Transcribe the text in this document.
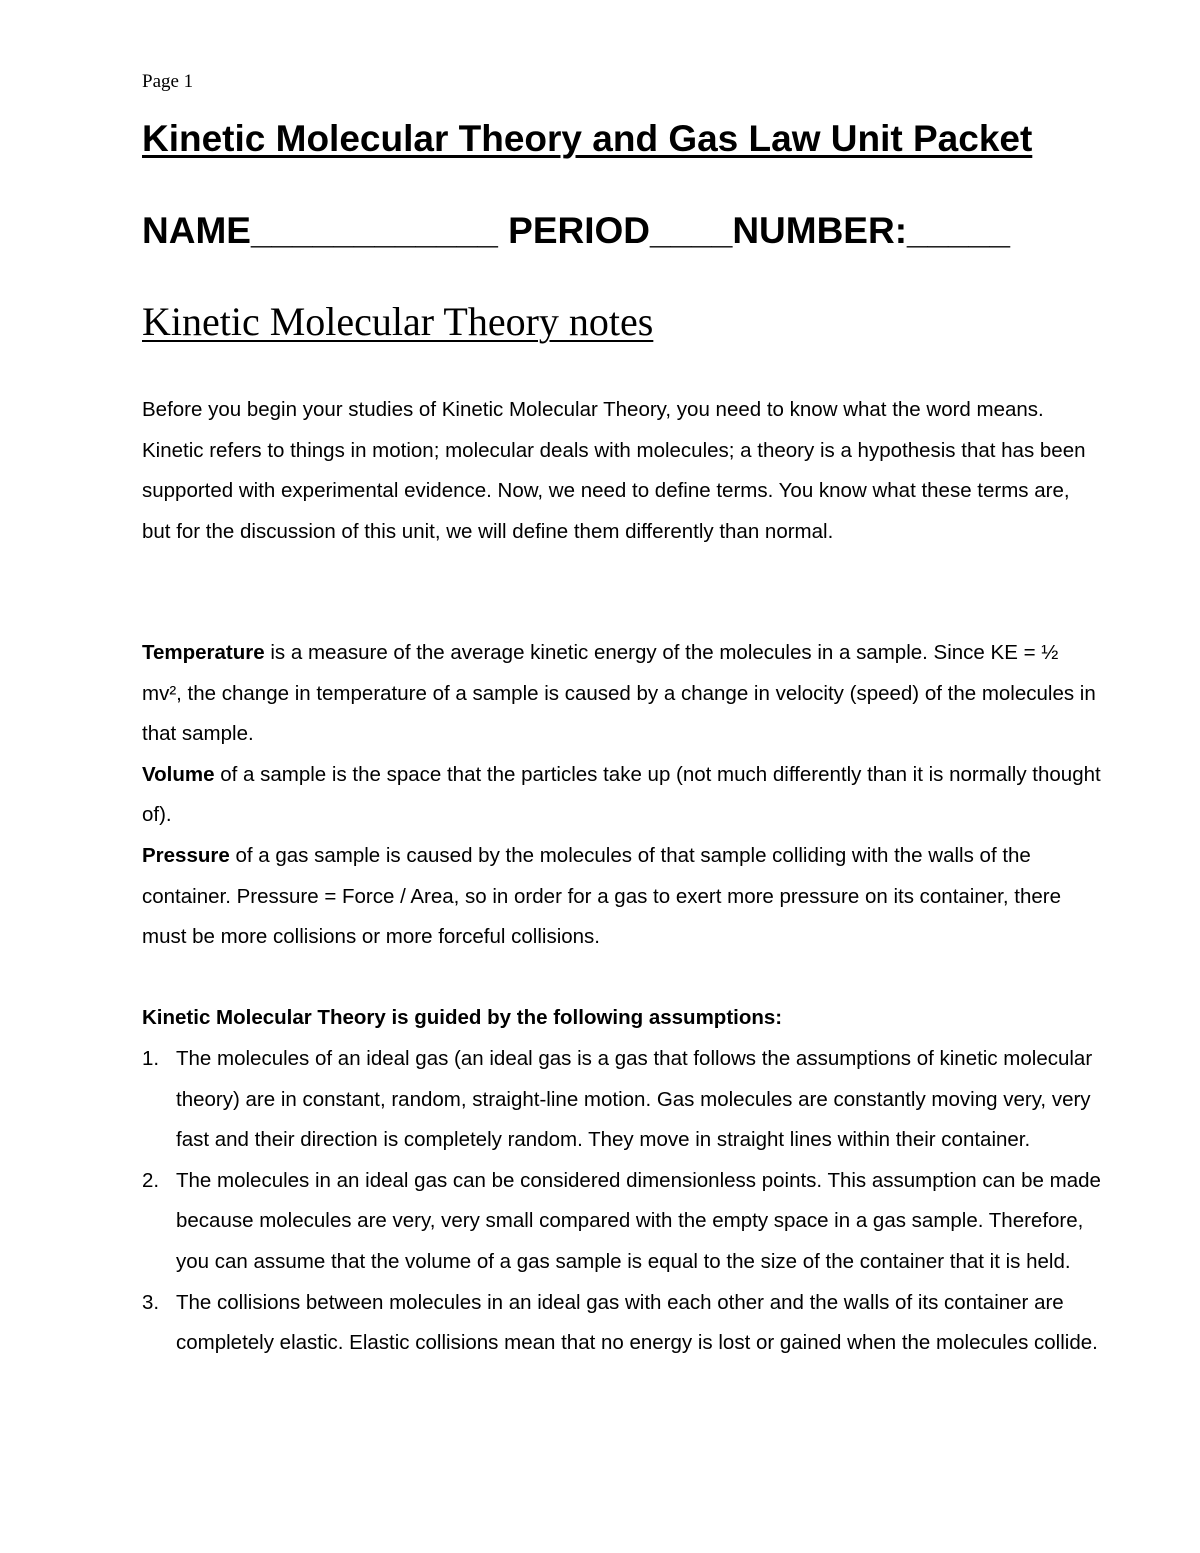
Page 1
Kinetic Molecular Theory and Gas Law Unit Packet
NAME____________ PERIOD____NUMBER:_____
Kinetic Molecular Theory notes

Before you begin your studies of Kinetic Molecular Theory, you need to know what the word means. Kinetic refers to things in motion; molecular deals with molecules; a theory is a hypothesis that has been supported with experimental evidence. Now, we need to define terms. You know what these terms are, but for the discussion of this unit, we will define them differently than normal.

Temperature is a measure of the average kinetic energy of the molecules in a sample. Since KE = ½ mv², the change in temperature of a sample is caused by a change in velocity (speed) of the molecules in that sample.
Volume of a sample is the space that the particles take up (not much differently than it is normally thought of).
Pressure of a gas sample is caused by the molecules of that sample colliding with the walls of the container. Pressure = Force / Area, so in order for a gas to exert more pressure on its container, there must be more collisions or more forceful collisions.
Kinetic Molecular Theory is guided by the following assumptions:
1. The molecules of an ideal gas (an ideal gas is a gas that follows the assumptions of kinetic molecular theory) are in constant, random, straight-line motion. Gas molecules are constantly moving very, very fast and their direction is completely random. They move in straight lines within their container.
2. The molecules in an ideal gas can be considered dimensionless points. This assumption can be made because molecules are very, very small compared with the empty space in a gas sample. Therefore, you can assume that the volume of a gas sample is equal to the size of the container that it is held.
3. The collisions between molecules in an ideal gas with each other and the walls of its container are completely elastic. Elastic collisions mean that no energy is lost or gained when the molecules collide.
